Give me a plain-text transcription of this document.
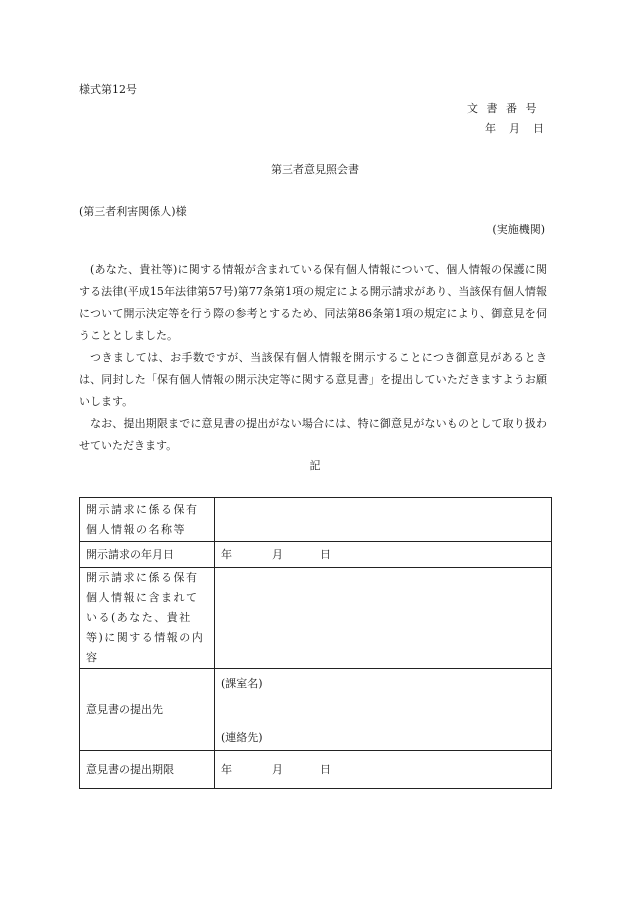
様式第12号
文書番号
年　月　日
第三者意見照会書
(第三者利害関係人)様
(実施機関)

(あなた、貴社等)に関する情報が含まれている保有個人情報について、個人情報の保護に関する法律(平成15年法律第57号)第77条第1項の規定による開示請求があり、当該保有個人情報について開示決定等を行う際の参考とするため、同法第86条第1項の規定により、御意見を伺うこととしました。

つきましては、お手数ですが、当該保有個人情報を開示することにつき御意見があるときは、同封した「保有個人情報の開示決定等に関する意見書」を提出していただきますようお願いします。

なお、提出期限までに意見書の提出がない場合には、特に御意見がないものとして取り扱わせていただきます。

記
開示請求に係る保有個人情報の名称等	
開示請求の年月日	年 月 日
開示請求に係る保有個人情報に含まれている(あなた、貴社等)に関する情報の内容	
意見書の提出先	(課室名)
(連絡先)

意見書の提出期限	年 月 日
